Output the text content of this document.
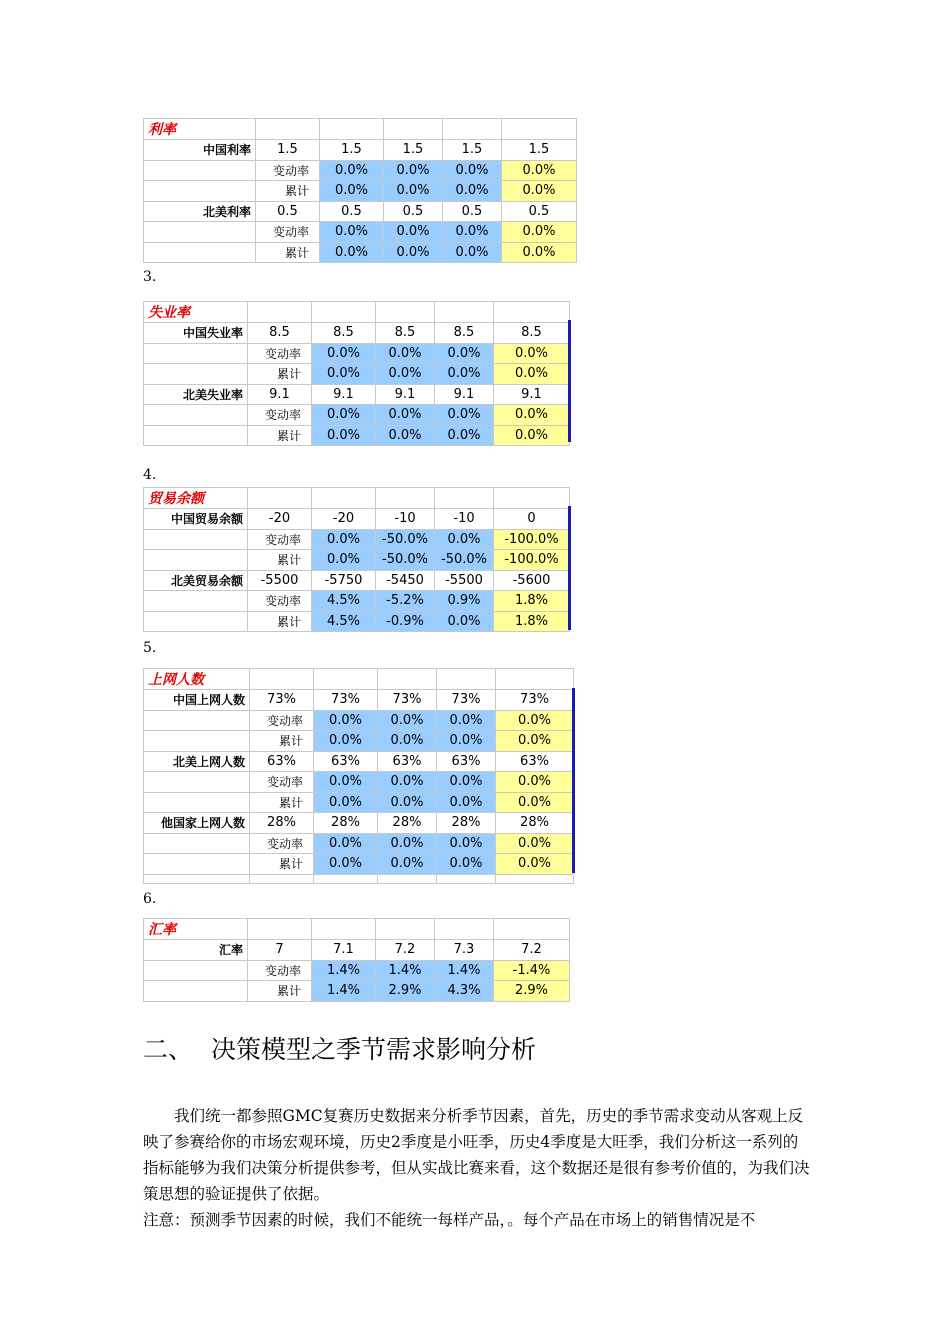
利率					
中国利率	1.5	1.5	1.5	1.5	1.5
	变动率	0.0%	0.0%	0.0%	0.0%
	累计	0.0%	0.0%	0.0%	0.0%
北美利率	0.5	0.5	0.5	0.5	0.5
	变动率	0.0%	0.0%	0.0%	0.0%
	累计	0.0%	0.0%	0.0%	0.0%
3.
失业率					
中国失业率	8.5	8.5	8.5	8.5	8.5
	变动率	0.0%	0.0%	0.0%	0.0%
	累计	0.0%	0.0%	0.0%	0.0%
北美失业率	9.1	9.1	9.1	9.1	9.1
	变动率	0.0%	0.0%	0.0%	0.0%
	累计	0.0%	0.0%	0.0%	0.0%
4.
贸易余额					
中国贸易余额	-20	-20	-10	-10	0
	变动率	0.0%	-50.0%	0.0%	-100.0%
	累计	0.0%	-50.0%	-50.0%	-100.0%
北美贸易余额	-5500	-5750	-5450	-5500	-5600
	变动率	4.5%	-5.2%	0.9%	1.8%
	累计	4.5%	-0.9%	0.0%	1.8%
5.
上网人数					
中国上网人数	73%	73%	73%	73%	73%
	变动率	0.0%	0.0%	0.0%	0.0%
	累计	0.0%	0.0%	0.0%	0.0%
北美上网人数	63%	63%	63%	63%	63%
	变动率	0.0%	0.0%	0.0%	0.0%
	累计	0.0%	0.0%	0.0%	0.0%
他国家上网人数	28%	28%	28%	28%	28%
	变动率	0.0%	0.0%	0.0%	0.0%
	累计	0.0%	0.0%	0.0%	0.0%

6.
汇率					
汇率	7	7.1	7.2	7.3	7.2
	变动率	1.4%	1.4%	1.4%	-1.4%
	累计	1.4%	2.9%	4.3%	2.9%
二、 决策模型之季节需求影响分析

我们统一都参照GMC复赛历史数据来分析季节因素，首先，历史的季节需求变动从客观上反映了参赛给你的市场宏观环境，历史2季度是小旺季，历史4季度是大旺季，我们分析这一系列的指标能够为我们决策分析提供参考，但从实战比赛来看，这个数据还是很有参考价值的，为我们决策思想的验证提供了依据。

注意：预测季节因素的时候，我们不能统一每样产品，。每个产品在市场上的销售情况是不
